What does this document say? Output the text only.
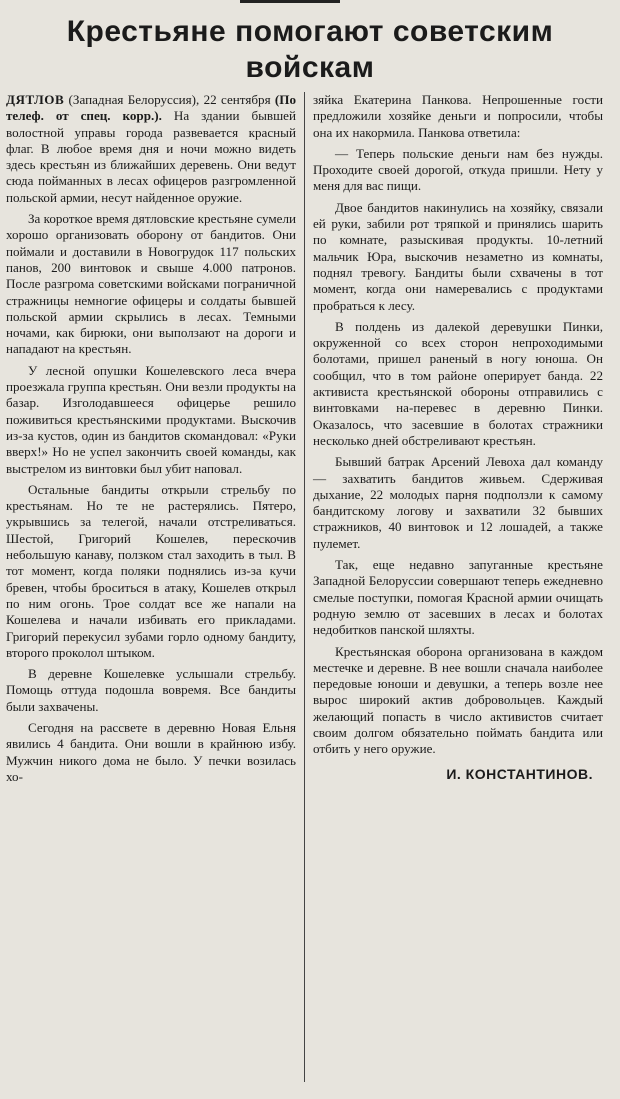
Крестьяне помогают советским
войскам

ДЯТЛОВ (Западная Белоруссия), 22 сентября (По телеф. от спец. корр.). На здании бывшей волостной управы города развевается красный флаг. В любое время дня и ночи можно видеть здесь крестьян из ближайших деревень. Они ведут сюда пойманных в лесах офицеров разгромленной польской армии, несут найденное оружие.

За короткое время дятловские крестьяне сумели хорошо организовать оборону от бандитов. Они поймали и доставили в Новогрудок 117 польских панов, 200 винтовок и свыше 4.000 патронов. После разгрома советскими войсками пограничной стражницы немногие офицеры и солдаты бывшей польской армии скрылись в лесах. Темными ночами, как бирюки, они выползают на дороги и нападают на крестьян.

У лесной опушки Кошелевского леса вчера проезжала группа крестьян. Они везли продукты на базар. Изголодавшееся офицерье решило поживиться крестьянскими продуктами. Выскочив из-за кустов, один из бандитов скомандовал: «Руки вверх!» Но не успел закончить своей команды, как выстрелом из винтовки был убит наповал.

Остальные бандиты открыли стрельбу по крестьянам. Но те не растерялись. Пятеро, укрывшись за телегой, начали отстреливаться. Шестой, Григорий Кошелев, перескочив небольшую канаву, ползком стал заходить в тыл. В тот момент, когда поляки поднялись из-за кучи бревен, чтобы броситься в атаку, Кошелев открыл по ним огонь. Трое солдат все же напали на Кошелева и начали избивать его прикладами. Григорий перекусил зубами горло одному бандиту, второго проколол штыком.

В деревне Кошелевке услышали стрельбу. Помощь оттуда подошла вовремя. Все бандиты были захвачены.

Сегодня на рассвете в деревню Новая Ельня явились 4 бандита. Они вошли в крайнюю избу. Мужчин никого дома не было. У печки возилась хо-

зяйка Екатерина Панкова. Непрошенные гости предложили хозяйке деньги и попросили, чтобы она их накормила. Панкова ответила:

— Теперь польские деньги нам без нужды. Проходите своей дорогой, откуда пришли. Нету у меня для вас пищи.

Двое бандитов накинулись на хозяйку, связали ей руки, забили рот тряпкой и принялись шарить по комнате, разыскивая продукты. 10-летний мальчик Юра, выскочив незаметно из комнаты, поднял тревогу. Бандиты были схвачены в тот момент, когда они намеревались с продуктами пробраться к лесу.

В полдень из далекой деревушки Пинки, окруженной со всех сторон непроходимыми болотами, пришел раненый в ногу юноша. Он сообщил, что в том районе оперирует банда. 22 активиста крестьянской обороны отправились с винтовками на-перевес в деревню Пинки. Оказалось, что засевшие в болотах стражники несколько дней обстреливают крестьян.

Бывший батрак Арсений Левоха дал команду — захватить бандитов живьем. Сдерживая дыхание, 22 молодых парня подползли к самому бандитскому логову и захватили 32 бывших стражников, 40 винтовок и 12 лошадей, а также пулемет.

Так, еще недавно запуганные крестьяне Западной Белоруссии совершают теперь ежедневно смелые поступки, помогая Красной армии очищать родную землю от засевших в лесах и болотах недобитков панской шляхты.

Крестьянская оборона организована в каждом местечке и деревне. В нее вошли сначала наиболее передовые юноши и девушки, а теперь возле нее вырос широкий актив добровольцев. Каждый желающий попасть в число активистов считает своим долгом обязательно поймать бандита или отбить у него оружие.

И. КОНСТАНТИНОВ.
